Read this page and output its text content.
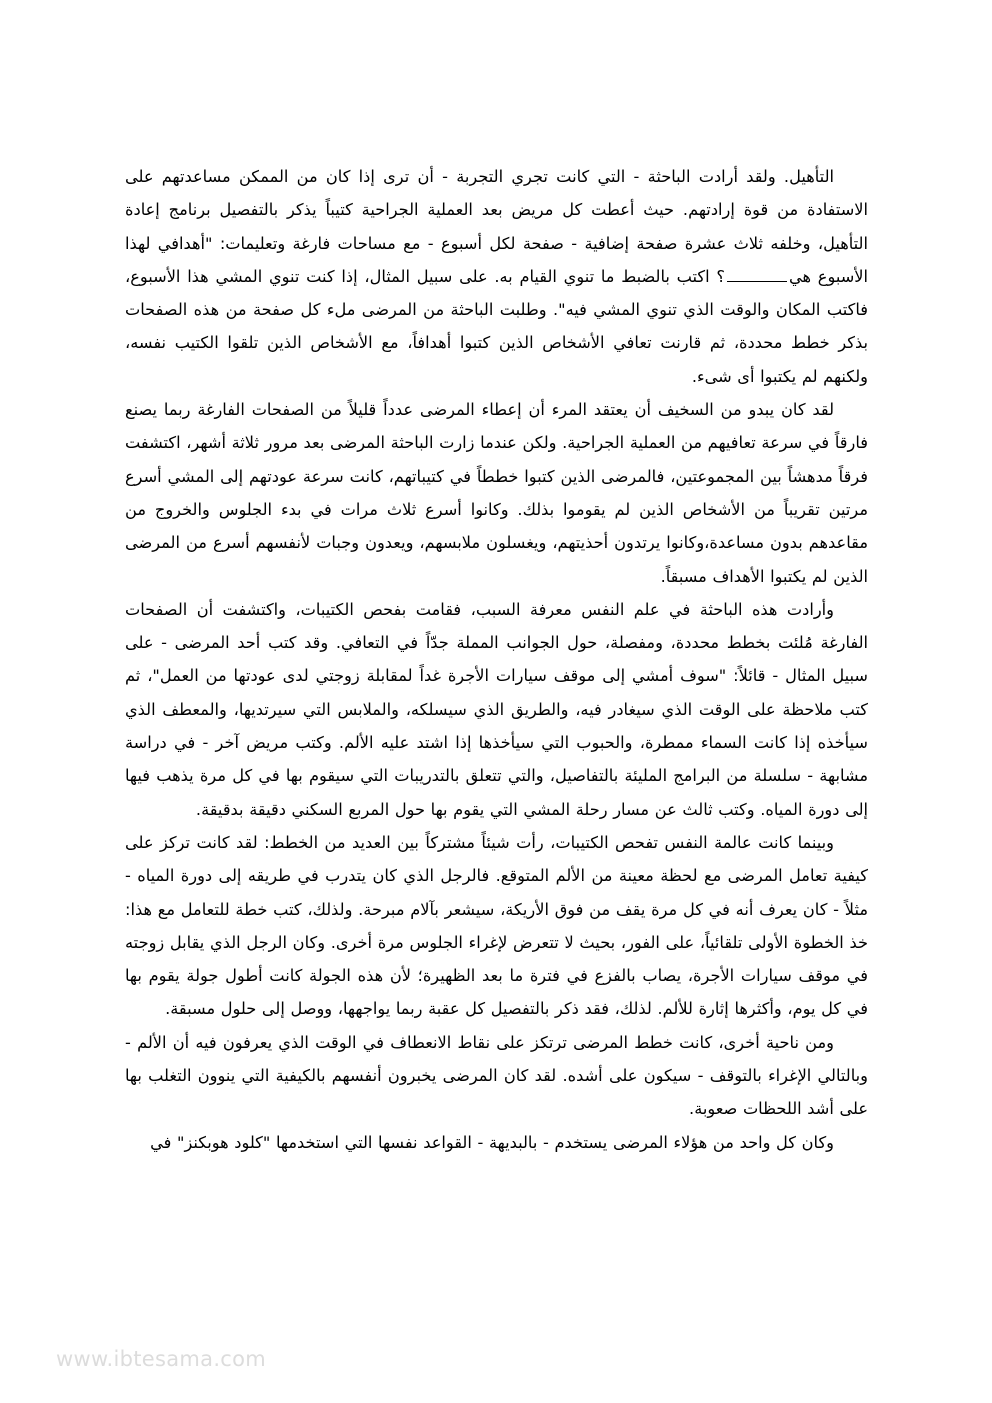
التأهيل. ولقد أرادت الباحثة - التي كانت تجري التجربة - أن ترى إذا كان من الممكن مساعدتهم على الاستفادة من قوة إرادتهم. حيث أعطت كل مريض بعد العملية الجراحية كتيباً يذكر بالتفصيل برنامج إعادة التأهيل، وخلفه ثلاث عشرة صفحة إضافية - صفحة لكل أسبوع - مع مساحات فارغة وتعليمات: "أهدافي لهذا الأسبوع هي؟ اكتب بالضبط ما تنوي القيام به. على سبيل المثال، إذا كنت تنوي المشي هذا الأسبوع، فاكتب المكان والوقت الذي تنوي المشي فيه". وطلبت الباحثة من المرضى ملء كل صفحة من هذه الصفحات بذكر خطط محددة، ثم قارنت تعافي الأشخاص الذين كتبوا أهدافاً، مع الأشخاص الذين تلقوا الكتيب نفسه، ولكنهم لم يكتبوا أى شىء.

لقد كان يبدو من السخيف أن يعتقد المرء أن إعطاء المرضى عدداً قليلاً من الصفحات الفارغة ربما يصنع فارقاً في سرعة تعافيهم من العملية الجراحية. ولكن عندما زارت الباحثة المرضى بعد مرور ثلاثة أشهر، اكتشفت فرقاً مدهشاً بين المجموعتين، فالمرضى الذين كتبوا خططاً في كتيباتهم، كانت سرعة عودتهم إلى المشي أسرع مرتين تقريباً من الأشخاص الذين لم يقوموا بذلك. وكانوا أسرع ثلاث مرات في بدء الجلوس والخروج من مقاعدهم بدون مساعدة،وكانوا يرتدون أحذيتهم، ويغسلون ملابسهم، ويعدون وجبات لأنفسهم أسرع من المرضى الذين لم يكتبوا الأهداف مسبقاً.

وأرادت هذه الباحثة في علم النفس معرفة السبب، فقامت بفحص الكتيبات، واكتشفت أن الصفحات الفارغة مُلئت بخطط محددة، ومفصلة، حول الجوانب المملة جدّاً في التعافي. وقد كتب أحد المرضى - على سبيل المثال - قائلاً: "سوف أمشي إلى موقف سيارات الأجرة غداً لمقابلة زوجتي لدى عودتها من العمل"، ثم كتب ملاحظة على الوقت الذي سيغادر فيه، والطريق الذي سيسلكه، والملابس التي سيرتديها، والمعطف الذي سيأخذه إذا كانت السماء ممطرة، والحبوب التي سيأخذها إذا اشتد عليه الألم. وكتب مريض آخر - في دراسة مشابهة - سلسلة من البرامج المليئة بالتفاصيل، والتي تتعلق بالتدريبات التي سيقوم بها في كل مرة يذهب فيها إلى دورة المياه. وكتب ثالث عن مسار رحلة المشي التي يقوم بها حول المربع السكني دقيقة بدقيقة.

وبينما كانت عالمة النفس تفحص الكتيبات، رأت شيئاً مشتركاً بين العديد من الخطط: لقد كانت تركز على كيفية تعامل المرضى مع لحظة معينة من الألم المتوقع. فالرجل الذي كان يتدرب في طريقه إلى دورة المياه - مثلاً - كان يعرف أنه في كل مرة يقف من فوق الأريكة، سيشعر بآلام مبرحة. ولذلك، كتب خطة للتعامل مع هذا: خذ الخطوة الأولى تلقائياً، على الفور، بحيث لا تتعرض لإغراء الجلوس مرة أخرى. وكان الرجل الذي يقابل زوجته في موقف سيارات الأجرة، يصاب بالفزع في فترة ما بعد الظهيرة؛ لأن هذه الجولة كانت أطول جولة يقوم بها في كل يوم، وأكثرها إثارة للألم. لذلك، فقد ذكر بالتفصيل كل عقبة ربما يواجهها، ووصل إلى حلول مسبقة.

ومن ناحية أخرى، كانت خطط المرضى ترتكز على نقاط الانعطاف في الوقت الذي يعرفون فيه أن الألم - وبالتالي الإغراء بالتوقف - سيكون على أشده. لقد كان المرضى يخبرون أنفسهم بالكيفية التي ينوون التغلب بها على أشد اللحظات صعوبة.

وكان كل واحد من هؤلاء المرضى يستخدم - بالبديهة - القواعد نفسها التي استخدمها "كلود هوبكنز" في

www.ibtesama.com
